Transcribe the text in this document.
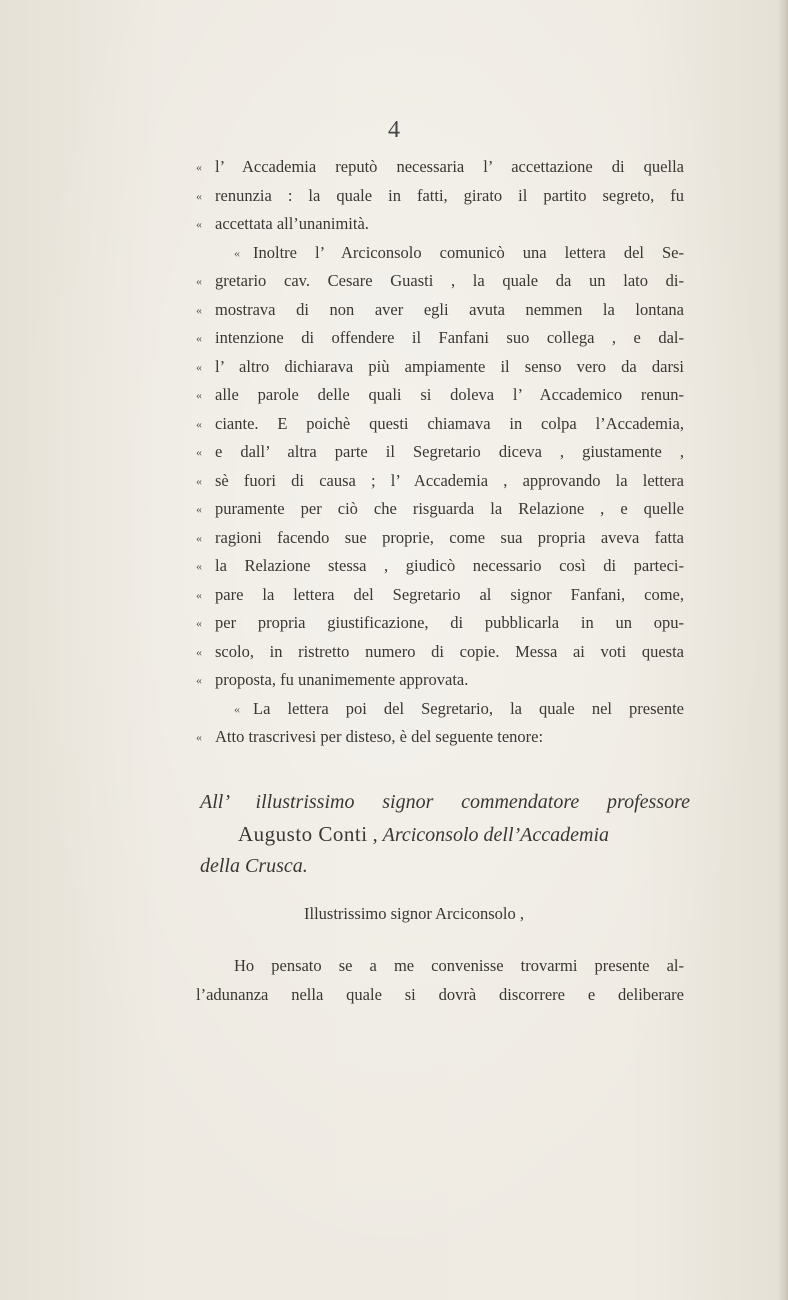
4
« l’ Accademia reputò necessaria l’ accettazione di quella
« renunzia : la quale in fatti, girato il partito segreto, fu
« accettata all’unanimità.
« Inoltre l’ Arciconsolo comunicò una lettera del Se-
« gretario cav. Cesare Guasti , la quale da un lato di-
« mostrava di non aver egli avuta nemmen la lontana
« intenzione di offendere il Fanfani suo collega , e dal-
« l’ altro dichiarava più ampiamente il senso vero da darsi
« alle parole delle quali si doleva l’ Accademico renun-
« ciante. E poichè questi chiamava in colpa l’Accademia,
« e dall’ altra parte il Segretario diceva , giustamente ,
« sè fuori di causa ; l’ Accademia , approvando la lettera
« puramente per ciò che risguarda la Relazione , e quelle
« ragioni facendo sue proprie, come sua propria aveva fatta
« la Relazione stessa , giudicò necessario così di parteci-
« pare la lettera del Segretario al signor Fanfani, come,
« per propria giustificazione, di pubblicarla in un opu-
« scolo, in ristretto numero di copie. Messa ai voti questa
« proposta, fu unanimemente approvata.
« La lettera poi del Segretario, la quale nel presente
« Atto trascrivesi per disteso, è del seguente tenore:
All’ illustrissimo signor commendatore professore
Augusto Conti , Arciconsolo dell’Accademia
della Crusca.
Illustrissimo signor Arciconsolo ,
Ho pensato se a me convenisse trovarmi presente al-
l’adunanza nella quale si dovrà discorrere e deliberare
